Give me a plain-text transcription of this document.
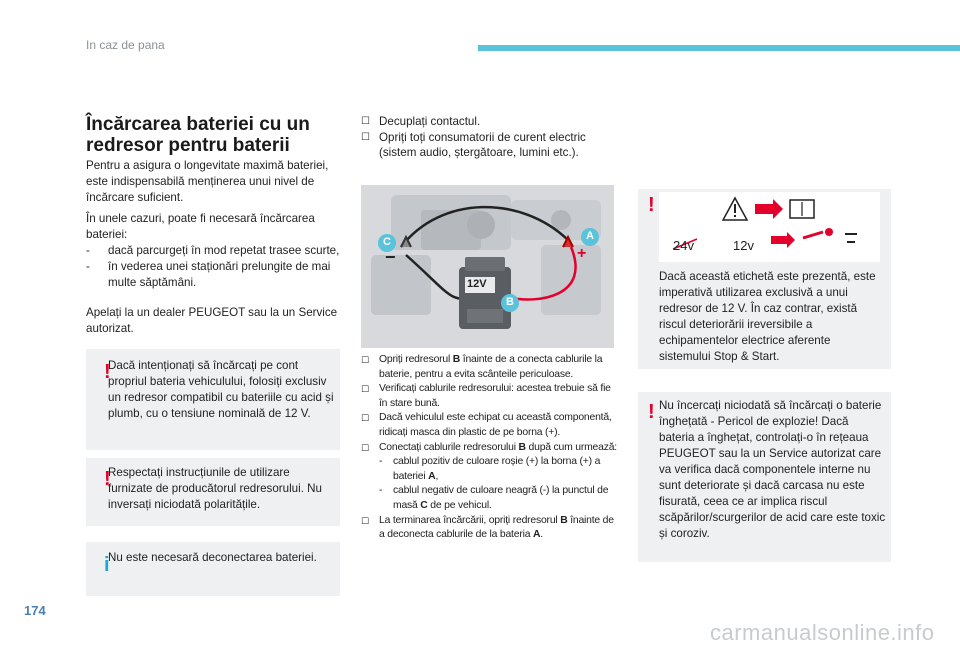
In caz de pana
Încărcarea bateriei cu un redresor pentru baterii
Pentru a asigura o longevitate maximă bateriei, este indispensabilă menținerea unui nivel de încărcare suficient.
În unele cazuri, poate fi necesară încărcarea bateriei:
-	dacă parcurgeți în mod repetat trasee scurte,
-	în vederea unei staționări prelungite de mai multe săptămâni.
Apelați la un dealer PEUGEOT sau la un Service autorizat.
!
Dacă intenționați să încărcați pe cont propriul bateria vehiculului, folosiți exclusiv un redresor compatibil cu bateriile cu acid și plumb, cu o tensiune nominală de 12 V.
!
Respectați instrucțiunile de utilizare furnizate de producătorul redresorului. Nu inversați niciodată polaritățile.
i
Nu este necesară deconectarea bateriei.
☐ Decuplați contactul.
☐ Opriți toți consumatorii de curent electric (sistem audio, ștergătoare, lumini etc.).
C	A
B
12V
+
−
☐ Opriți redresorul B înainte de a conecta cablurile la baterie, pentru a evita scânteile periculoase.
☐ Verificați cablurile redresorului: acestea trebuie să fie în stare bună.
☐ Dacă vehiculul este echipat cu această componentă, ridicați masca din plastic de pe borna (+).
☐ Conectați cablurile redresorului B după cum urmează:
-	cablul pozitiv de culoare roșie (+) la borna (+) a bateriei A,
-	cablul negativ de culoare neagră (-) la punctul de masă C de pe vehicul.
☐ La terminarea încărcării, opriți redresorul B înainte de a deconecta cablurile de la bateria A.
!
24v	12v
Dacă această etichetă este prezentă, este imperativă utilizarea exclusivă a unui redresor de 12 V. În caz contrar, există riscul deteriorării ireversibile a echipamentelor electrice aferente sistemului Stop & Start.
! Nu încercați niciodată să încărcați o baterie înghețată - Pericol de explozie! Dacă bateria a înghețat, controlați-o în rețeaua PEUGEOT sau la un Service autorizat care va verifica dacă componentele interne nu sunt deteriorate și dacă carcasa nu este fisurată, ceea ce ar implica riscul scăpărilor/scurgerilor de acid care este toxic și coroziv.
174
carmanualsonline.info
